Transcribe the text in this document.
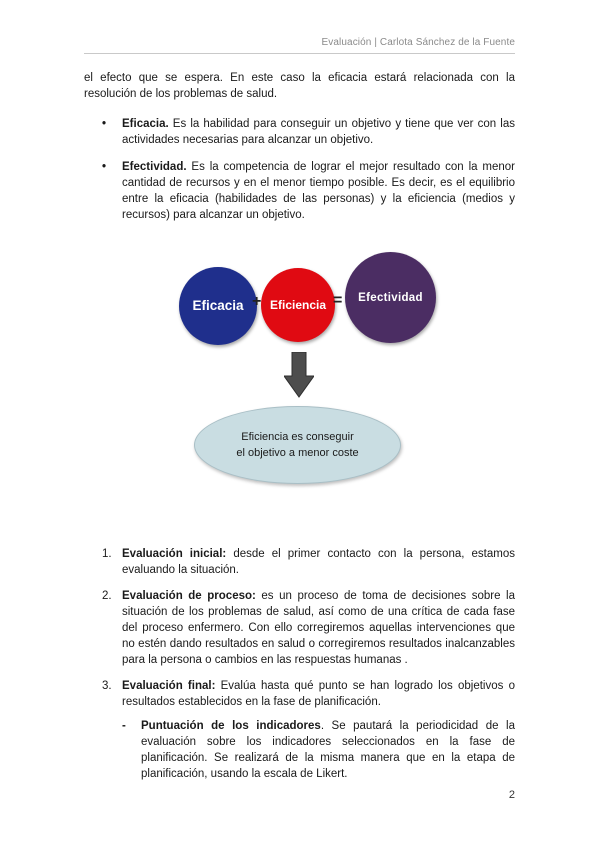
Evaluación | Carlota Sánchez de la Fuente

el efecto que se espera. En este caso la eficacia estará relacionada con la resolución de los problemas de salud.

• Eficacia. Es la habilidad para conseguir un objetivo y tiene que ver con las actividades necesarias para alcanzar un objetivo.
• Efectividad. Es la competencia de lograr el mejor resultado con la menor cantidad de recursos y en el menor tiempo posible. Es decir, es el equilibrio entre la eficacia (habilidades de las personas) y la eficiencia (medios y recursos) para alcanzar un objetivo.
Eficacia + Eficiencia = Efectividad
Eficiencia es conseguir
el objetivo a menor coste
1. Evaluación inicial: desde el primer contacto con la persona, estamos evaluando la situación.
2. Evaluación de proceso: es un proceso de toma de decisiones sobre la situación de los problemas de salud, así como de una crítica de cada fase del proceso enfermero. Con ello corregiremos aquellas intervenciones que no estén dando resultados en salud o corregiremos resultados inalcanzables para la persona o cambios en las respuestas humanas .
3. Evaluación final: Evalúa hasta qué punto se han logrado los objetivos o resultados establecidos en la fase de planificación.
- Puntuación de los indicadores. Se pautará la periodicidad de la evaluación sobre los indicadores seleccionados en la fase de planificación. Se realizará de la misma manera que en la etapa de planificación, usando la escala de Likert.
2
